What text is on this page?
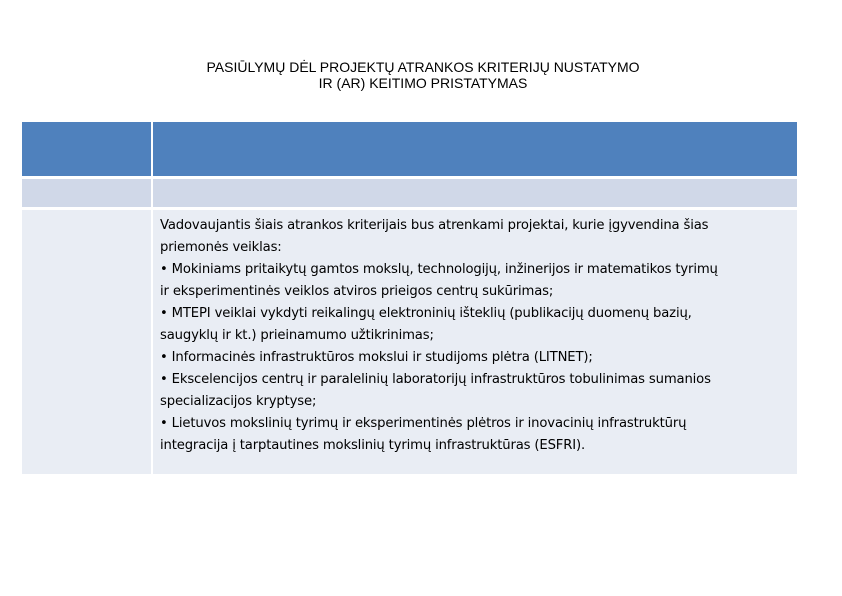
PASIŪLYMŲ DĖL PROJEKTŲ ATRANKOS KRITERIJŲ NUSTATYMO
IR (AR) KEITIMO PRISTATYMAS
Vadovaujantis šiais atrankos kriterijais bus atrenkami projektai, kurie įgyvendina šias
priemonės veiklas:
• Mokiniams pritaikytų gamtos mokslų, technologijų, inžinerijos ir matematikos tyrimų
ir eksperimentinės veiklos atviros prieigos centrų sukūrimas;
• MTEPI veiklai vykdyti reikalingų elektroninių išteklių (publikacijų duomenų bazių,
saugyklų ir kt.) prieinamumo užtikrinimas;
• Informacinės infrastruktūros mokslui ir studijoms plėtra (LITNET);
• Ekscelencijos centrų ir paralelinių laboratorijų infrastruktūros tobulinimas sumanios
specializacijos kryptyse;
• Lietuvos mokslinių tyrimų ir eksperimentinės plėtros ir inovacinių infrastruktūrų
integracija į tarptautines mokslinių tyrimų infrastruktūras (ESFRI).
